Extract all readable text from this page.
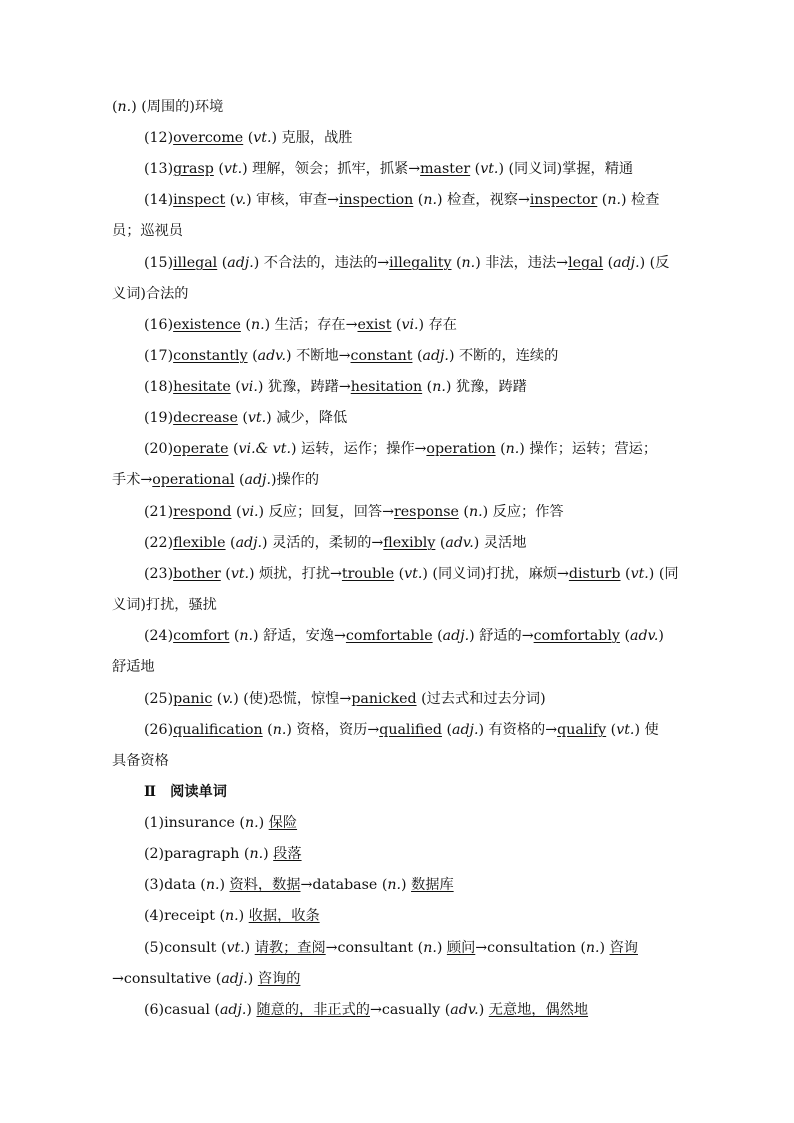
(n.) (周围的)环境
(12)overcome (vt.) 克服，战胜
(13)grasp (vt.) 理解，领会；抓牢，抓紧→master (vt.) (同义词)掌握，精通
(14)inspect (v.) 审核，审查→inspection (n.) 检查，视察→inspector (n.) 检查
员；巡视员
(15)illegal (adj.) 不合法的，违法的→illegality (n.) 非法，违法→legal (adj.) (反
义词)合法的
(16)existence (n.) 生活；存在→exist (vi.) 存在
(17)constantly (adv.) 不断地→constant (adj.) 不断的，连续的
(18)hesitate (vi.) 犹豫，踌躇→hesitation (n.) 犹豫，踌躇
(19)decrease (vt.) 减少，降低
(20)operate (vi.& vt.) 运转，运作；操作→operation (n.) 操作；运转；营运；
手术→operational (adj.)操作的
(21)respond (vi.) 反应；回复，回答→response (n.) 反应；作答
(22)flexible (adj.) 灵活的，柔韧的→flexibly (adv.) 灵活地
(23)bother (vt.) 烦扰，打扰→trouble (vt.) (同义词)打扰，麻烦→disturb (vt.) (同
义词)打扰，骚扰
(24)comfort (n.) 舒适，安逸→comfortable (adj.) 舒适的→comfortably (adv.)
舒适地
(25)panic (v.) (使)恐慌，惊惶→panicked (过去式和过去分词)
(26)qualification (n.) 资格，资历→qualified (adj.) 有资格的→qualify (vt.) 使
具备资格
Ⅱ　阅读单词
(1)insurance (n.) 保险
(2)paragraph (n.) 段落
(3)data (n.) 资料，数据→database (n.) 数据库
(4)receipt (n.) 收据，收条
(5)consult (vt.) 请教；查阅→consultant (n.) 顾问→consultation (n.) 咨询
→consultative (adj.) 咨询的
(6)casual (adj.) 随意的，非正式的→casually (adv.) 无意地，偶然地
